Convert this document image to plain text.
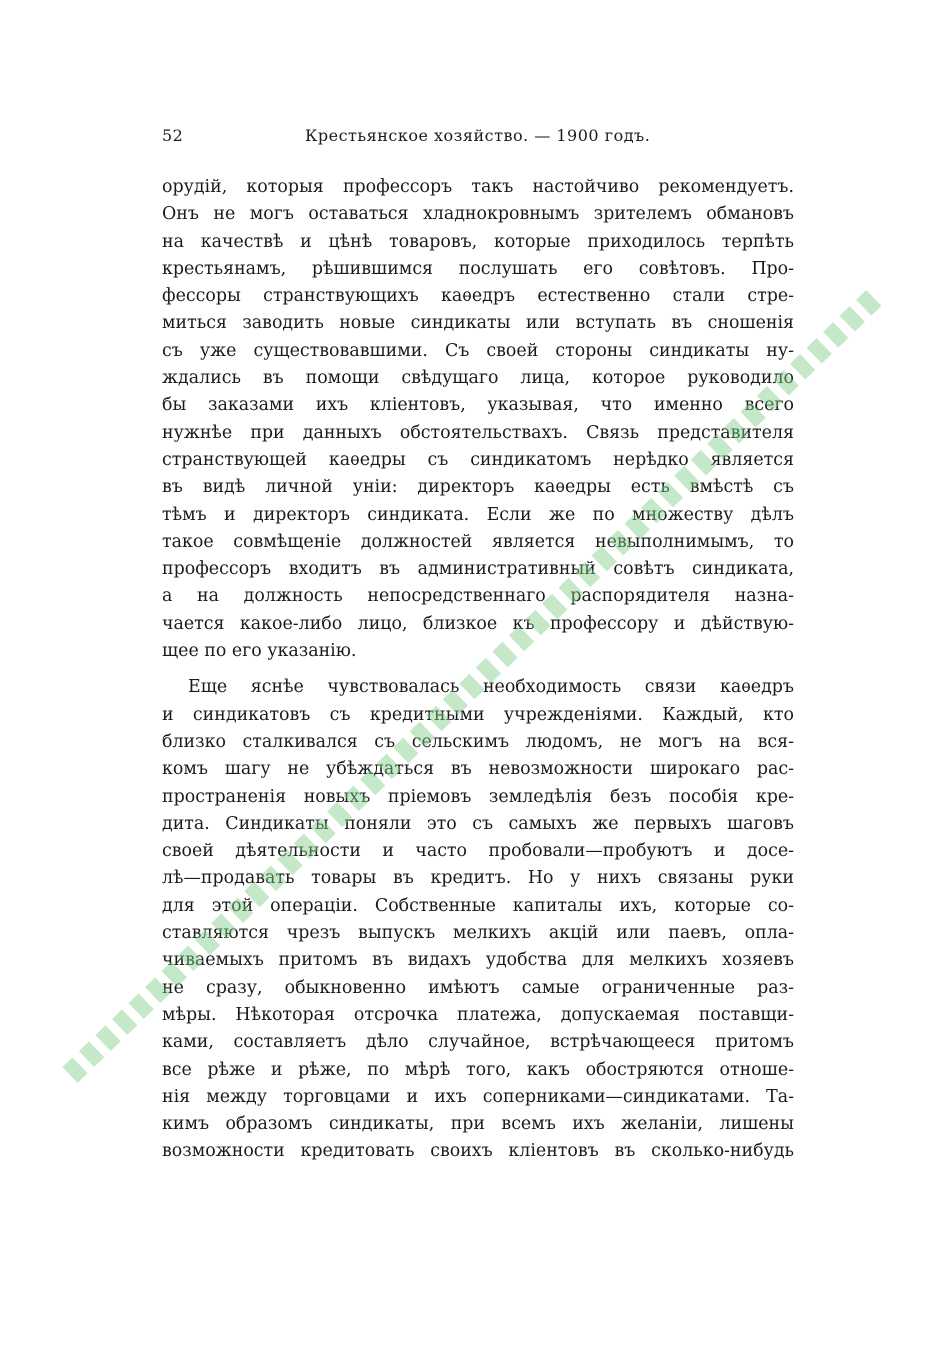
52	Крестьянское хозяйство. — 1900 годъ.
орудій, которыя профессоръ такъ настойчиво рекомендуетъ.
Онъ не могъ оставаться хладнокровнымъ зрителемъ обмановъ
на качествѣ и цѣнѣ товаровъ, которые приходилось терпѣть
крестьянамъ, рѣшившимся послушать его совѣтовъ. Про-
фессоры странствующихъ каѳедръ естественно стали стре-
миться заводить новые синдикаты или вступать въ сношенія
съ уже существовавшими. Съ своей стороны синдикаты ну-
ждались въ помощи свѣдущаго лица, которое руководило
бы заказами ихъ кліентовъ, указывая, что именно всего
нужнѣе при данныхъ обстоятельствахъ. Связь представителя
странствующей каѳедры съ синдикатомъ нерѣдко является
въ видѣ личной уніи: директоръ каѳедры есть вмѣстѣ съ
тѣмъ и директоръ синдиката. Если же по множеству дѣлъ
такое совмѣщеніе должностей является невыполнимымъ, то
профессоръ входитъ въ административный совѣтъ синдиката,
а на должность непосредственнаго распорядителя назна-
чается какое-либо лицо, близкое къ профессору и дѣйствую-
щее по его указанію.
Еще яснѣе чувствовалась необходимость связи каѳедръ
и синдикатовъ съ кредитными учрежденіями. Каждый, кто
близко сталкивался съ сельскимъ людомъ, не могъ на вся-
комъ шагу не убѣждаться въ невозможности широкаго рас-
пространенія новыхъ пріемовъ земледѣлія безъ пособія кре-
дита. Синдикаты поняли это съ самыхъ же первыхъ шаговъ
своей дѣятельности и часто пробовали—пробуютъ и досе-
лѣ—продавать товары въ кредитъ. Но у нихъ связаны руки
для этой операціи. Собственные капиталы ихъ, которые со-
ставляются чрезъ выпускъ мелкихъ акцій или паевъ, опла-
чиваемыхъ притомъ въ видахъ удобства для мелкихъ хозяевъ
не сразу, обыкновенно имѣютъ самые ограниченные раз-
мѣры. Нѣкоторая отсрочка платежа, допускаемая поставщи-
ками, составляетъ дѣло случайное, встрѣчающееся притомъ
все рѣже и рѣже, по мѣрѣ того, какъ обостряются отноше-
нія между торговцами и ихъ соперниками—синдикатами. Та-
кимъ образомъ синдикаты, при всемъ ихъ желаніи, лишены
возможности кредитовать своихъ кліентовъ въ сколько-нибудь
